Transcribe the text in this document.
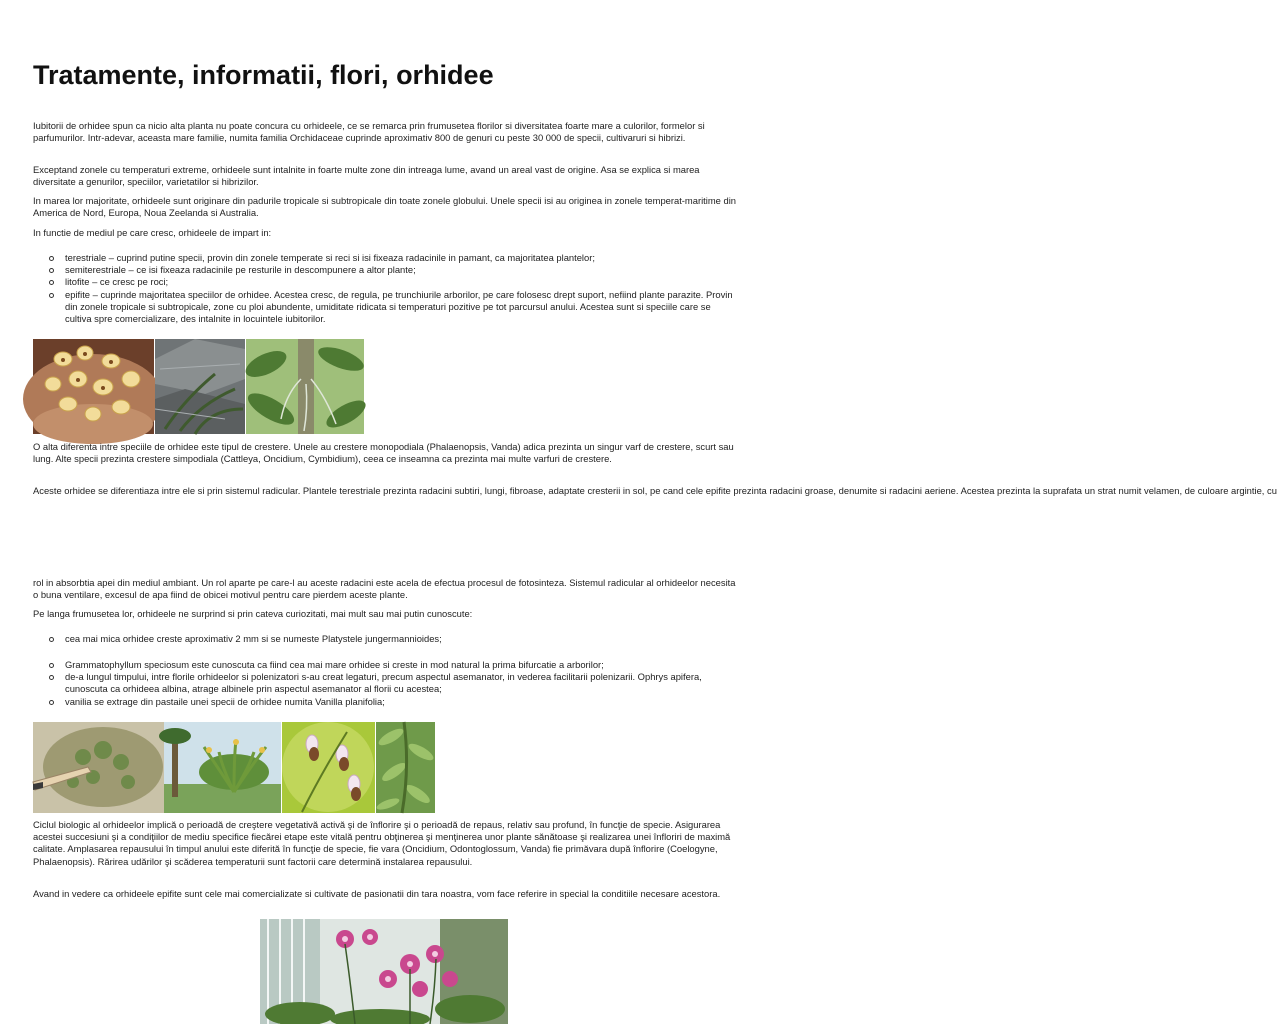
Tratamente, informatii, flori, orhidee

Iubitorii de orhidee spun ca nicio alta planta nu poate concura cu orhideele, ce se remarca prin frumusetea florilor si diversitatea foarte mare a culorilor, formelor si parfumurilor. Intr-adevar, aceasta mare familie, numita familia Orchidaceae cuprinde aproximativ 800 de genuri cu peste 30 000 de specii, cultivaruri si hibrizi.

Exceptand zonele cu temperaturi extreme, orhideele sunt intalnite in foarte multe zone din intreaga lume, avand un areal vast de origine. Asa se explica si marea diversitate a genurilor, speciilor, varietatilor si hibrizilor.

In marea lor majoritate, orhideele sunt originare din padurile tropicale si subtropicale din toate zonele globului. Unele specii isi au originea in zonele temperat-maritime din America de Nord, Europa, Noua Zeelanda si Australia.

In functie de mediul pe care cresc, orhideele de impart in:

terestriale – cuprind putine specii, provin din zonele temperate si reci si isi fixeaza radacinile in pamant, ca majoritatea plantelor;
semiterestriale – ce isi fixeaza radacinile pe resturile in descompunere a altor plante;
litofite – ce cresc pe roci;
epifite – cuprinde majoritatea speciilor de orhidee. Acestea cresc, de regula, pe trunchiurile arborilor, pe care folosesc drept suport, nefiind plante parazite. Provin din zonele tropicale si subtropicale, zone cu ploi abundente, umiditate ridicata si temperaturi pozitive pe tot parcursul anului. Acestea sunt si speciile care se cultiva spre comercializare, des intalnite in locuintele iubitorilor.

O alta diferenta intre speciile de orhidee este tipul de crestere. Unele au crestere monopodiala (Phalaenopsis, Vanda) adica prezinta un singur varf de crestere, scurt sau lung. Alte specii prezinta crestere simpodiala (Cattleya, Oncidium, Cymbidium), ceea ce inseamna ca prezinta mai multe varfuri de crestere.

Aceste orhidee se diferentiaza intre ele si prin sistemul radicular. Plantele terestriale prezinta radacini subtiri, lungi, fibroase, adaptate cresterii in sol, pe cand cele epifite prezinta radacini groase, denumite si radacini aeriene. Acestea prezinta la suprafata un strat numit velamen, de culoare argintie, cu

rol in absorbtia apei din mediul ambiant. Un rol aparte pe care-l au aceste radacini este acela de efectua procesul de fotosinteza. Sistemul radicular al orhideelor necesita o buna ventilare, excesul de apa fiind de obicei motivul pentru care pierdem aceste plante.

Pe langa frumusetea lor, orhideele ne surprind si prin cateva curiozitati, mai mult sau mai putin cunoscute:

cea mai mica orhidee creste aproximativ 2 mm si se numeste Platystele jungermannioides;
Grammatophyllum speciosum este cunoscuta ca fiind cea mai mare orhidee si creste in mod natural la prima bifurcatie a arborilor;
de-a lungul timpului, intre florile orhideelor si polenizatori s-au creat legaturi, precum aspectul asemanator, in vederea facilitarii polenizarii. Ophrys apifera, cunoscuta ca orhideea albina, atrage albinele prin aspectul asemanator al florii cu acestea;
vanilia se extrage din pastaile unei specii de orhidee numita Vanilla planifolia;

Ciclul biologic al orhideelor implică o perioadă de creştere vegetativă activă şi de înflorire şi o perioadă de repaus, relativ sau profund, în funcţie de specie. Asigurarea acestei succesiuni şi a condiţiilor de mediu specifice fiecărei etape este vitală pentru obţinerea şi menţinerea unor plante sănătoase şi realizarea unei înfloriri de maximă calitate. Amplasarea repausului în timpul anului este diferită în funcţie de specie, fie vara (Oncidium, Odontoglossum, Vanda) fie primăvara după înflorire (Coelogyne, Phalaenopsis). Rărirea udărilor şi scăderea temperaturii sunt factorii care determină instalarea repausului.

Avand in vedere ca orhideele epifite sunt cele mai comercializate si cultivate de pasionatii din tara noastra, vom face referire in special la conditiile necesare acestora.
